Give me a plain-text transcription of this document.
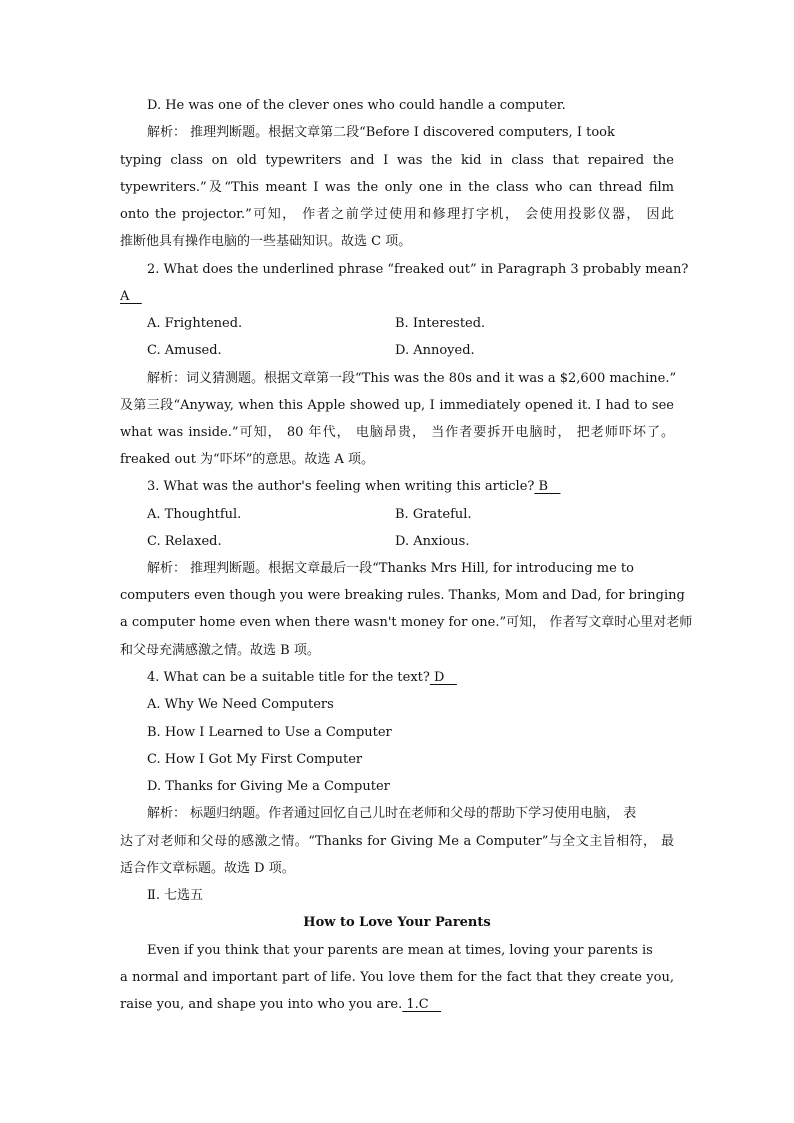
D. He was one of the clever ones who could handle a computer.
解析： 推理判断题。根据文章第二段“Before I discovered computers, I took
typing class on old typewriters and I was the kid in class that repaired the
typewriters.”及“This meant I was the only one in the class who can thread film
onto the projector.”可知， 作者之前学过使用和修理打字机， 会使用投影仪器， 因此
推断他具有操作电脑的一些基础知识。故选 C 项。
2. What does the underlined phrase “freaked out” in Paragraph 3 probably mean?
A
A. Frightened.	B. Interested.
C. Amused.	D. Annoyed.
解析：词义猜测题。根据文章第一段“This was the 80s and it was a $2,600 machine.”
及第三段“Anyway, when this Apple showed up, I immediately opened it. I had to see
what was inside.”可知， 80 年代， 电脑昂贵， 当作者要拆开电脑时， 把老师吓坏了。
freaked out 为“吓坏”的意思。故选 A 项。
3. What was the author's feeling when writing this article? B
A. Thoughtful.	B. Grateful.
C. Relaxed.	D. Anxious.
解析： 推理判断题。根据文章最后一段“Thanks Mrs Hill, for introducing me to
computers even though you were breaking rules. Thanks, Mom and Dad, for bringing
a computer home even when there wasn't money for one.”可知， 作者写文章时心里对老师
和父母充满感激之情。故选 B 项。
4. What can be a suitable title for the text? D
A. Why We Need Computers
B. How I Learned to Use a Computer
C. How I Got My First Computer
D. Thanks for Giving Me a Computer
解析： 标题归纳题。作者通过回忆自己儿时在老师和父母的帮助下学习使用电脑， 表
达了对老师和父母的感激之情。“Thanks for Giving Me a Computer”与全文主旨相符， 最
适合作文章标题。故选 D 项。
Ⅱ. 七选五
How to Love Your Parents
Even if you think that your parents are mean at times, loving your parents is
a normal and important part of life. You love them for the fact that they create you,
raise you, and shape you into who you are. 1.C
